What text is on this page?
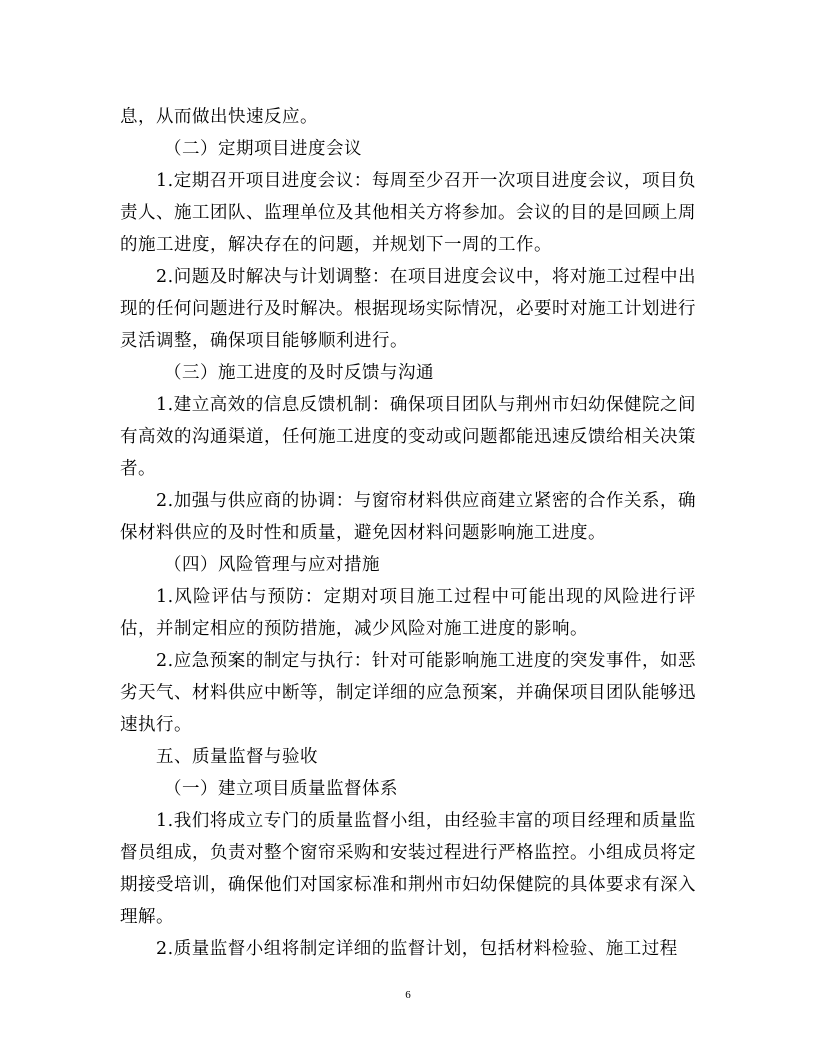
息，从而做出快速反应。

（二）定期项目进度会议

1.定期召开项目进度会议：每周至少召开一次项目进度会议，项目负责人、施工团队、监理单位及其他相关方将参加。会议的目的是回顾上周的施工进度，解决存在的问题，并规划下一周的工作。

2.问题及时解决与计划调整：在项目进度会议中，将对施工过程中出现的任何问题进行及时解决。根据现场实际情况，必要时对施工计划进行灵活调整，确保项目能够顺利进行。

（三）施工进度的及时反馈与沟通

1.建立高效的信息反馈机制：确保项目团队与荆州市妇幼保健院之间有高效的沟通渠道，任何施工进度的变动或问题都能迅速反馈给相关决策者。

2.加强与供应商的协调：与窗帘材料供应商建立紧密的合作关系，确保材料供应的及时性和质量，避免因材料问题影响施工进度。

（四）风险管理与应对措施

1.风险评估与预防：定期对项目施工过程中可能出现的风险进行评估，并制定相应的预防措施，减少风险对施工进度的影响。

2.应急预案的制定与执行：针对可能影响施工进度的突发事件，如恶劣天气、材料供应中断等，制定详细的应急预案，并确保项目团队能够迅速执行。

五、质量监督与验收

（一）建立项目质量监督体系

1.我们将成立专门的质量监督小组，由经验丰富的项目经理和质量监督员组成，负责对整个窗帘采购和安装过程进行严格监控。小组成员将定期接受培训，确保他们对国家标准和荆州市妇幼保健院的具体要求有深入理解。

2.质量监督小组将制定详细的监督计划，包括材料检验、施工过程

6
